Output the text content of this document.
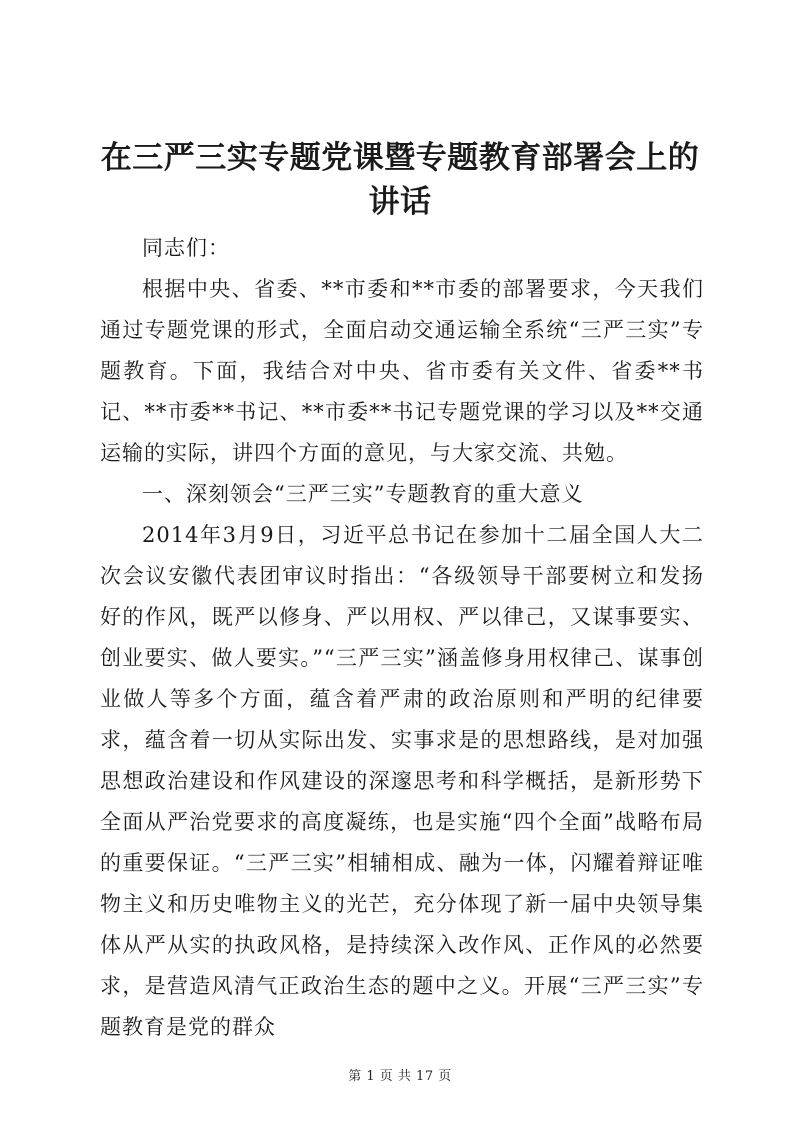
在三严三实专题党课暨专题教育部署会上的讲话

同志们：

根据中央、省委、**市委和**市委的部署要求，今天我们通过专题党课的形式，全面启动交通运输全系统“三严三实”专题教育。下面，我结合对中央、省市委有关文件、省委**书记、**市委**书记、**市委**书记专题党课的学习以及**交通运输的实际，讲四个方面的意见，与大家交流、共勉。

一、深刻领会“三严三实”专题教育的重大意义

2014年3月9日，习近平总书记在参加十二届全国人大二次会议安徽代表团审议时指出：“各级领导干部要树立和发扬好的作风，既严以修身、严以用权、严以律己，又谋事要实、创业要实、做人要实。”“三严三实”涵盖修身用权律己、谋事创业做人等多个方面，蕴含着严肃的政治原则和严明的纪律要求，蕴含着一切从实际出发、实事求是的思想路线，是对加强思想政治建设和作风建设的深邃思考和科学概括，是新形势下全面从严治党要求的高度凝练，也是实施“四个全面”战略布局的重要保证。“三严三实”相辅相成、融为一体，闪耀着辩证唯物主义和历史唯物主义的光芒，充分体现了新一届中央领导集体从严从实的执政风格，是持续深入改作风、正作风的必然要求，是营造风清气正政治生态的题中之义。开展“三严三实”专题教育是党的群众

第 1 页 共 17 页
